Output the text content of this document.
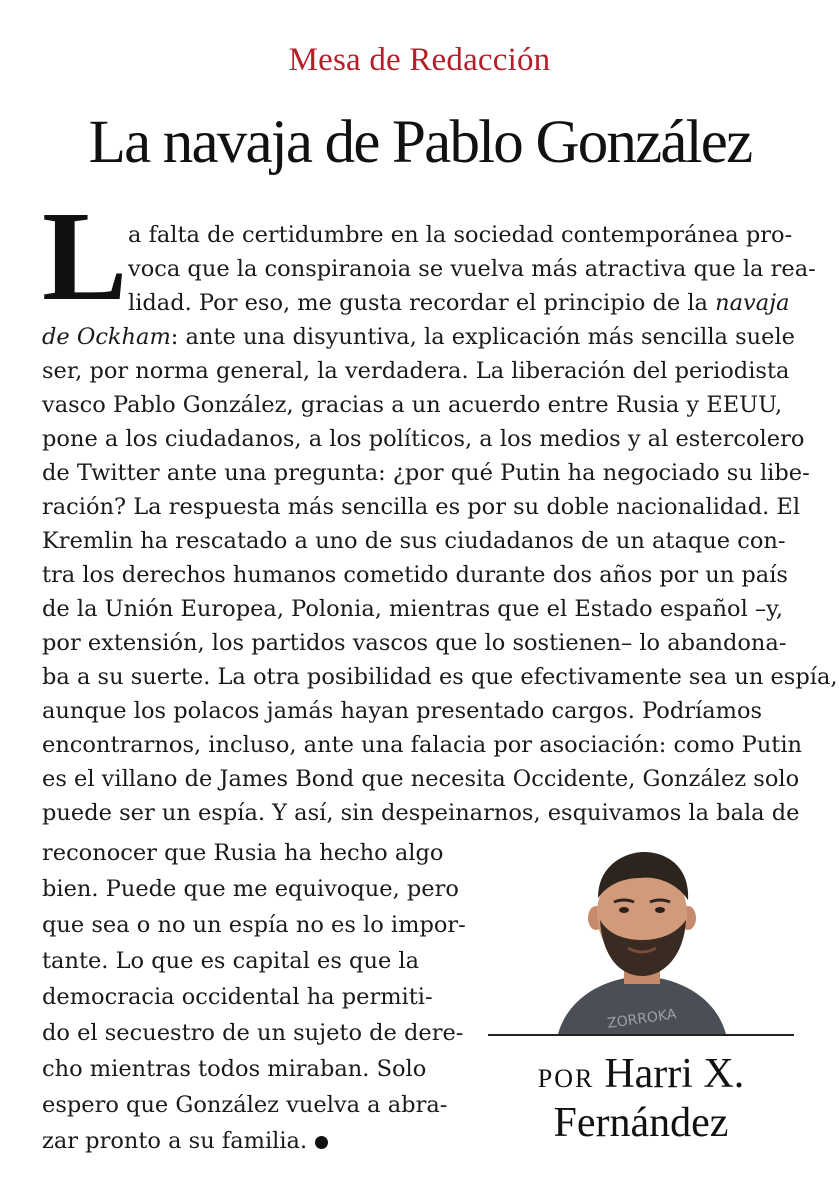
Mesa de Redacción
La navaja de Pablo González
L a falta de certidumbre en la sociedad contemporánea pro-
voca que la conspiranoia se vuelva más atractiva que la rea-
lidad. Por eso, me gusta recordar el principio de la navaja
de Ockham: ante una disyuntiva, la explicación más sencilla suele
ser, por norma general, la verdadera. La liberación del periodista
vasco Pablo González, gracias a un acuerdo entre Rusia y EEUU,
pone a los ciudadanos, a los políticos, a los medios y al estercolero
de Twitter ante una pregunta: ¿por qué Putin ha negociado su libe-
ración? La respuesta más sencilla es por su doble nacionalidad. El
Kremlin ha rescatado a uno de sus ciudadanos de un ataque con-
tra los derechos humanos cometido durante dos años por un país
de la Unión Europea, Polonia, mientras que el Estado español –y,
por extensión, los partidos vascos que lo sostienen– lo abandona-
ba a su suerte. La otra posibilidad es que efectivamente sea un espía,
aunque los polacos jamás hayan presentado cargos. Podríamos
encontrarnos, incluso, ante una falacia por asociación: como Putin
es el villano de James Bond que necesita Occidente, González solo
puede ser un espía. Y así, sin despeinarnos, esquivamos la bala de
reconocer que Rusia ha hecho algo
bien. Puede que me equivoque, pero
que sea o no un espía no es lo impor-
tante. Lo que es capital es que la
democracia occidental ha permiti-
do el secuestro de un sujeto de dere-
cho mientras todos miraban. Solo
espero que González vuelva a abra-
zar pronto a su familia.
ZORROKA
POR Harri X.
Fernández
